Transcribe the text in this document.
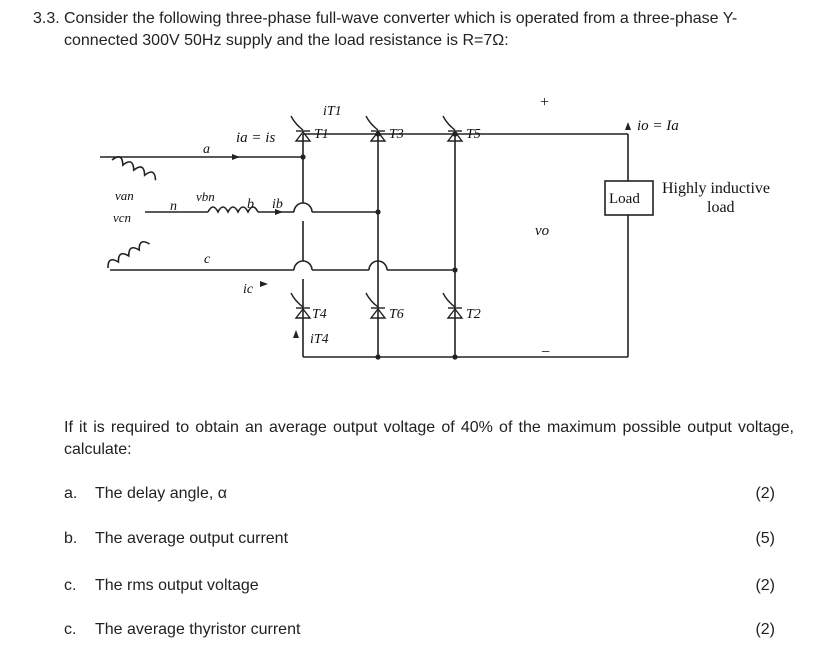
3.3. Consider the following three-phase full-wave converter which is operated from a three-phase Y-connected 300V 50Hz supply and the load resistance is R=7Ω:
a
ia = is
b ib
c
ic
n
van
vcn
vbn
iT1
T1	T3	T5
T4
iT4
T6	T2
+
−
vo
io = Ia
Load
Highly inductive
load
If it is required to obtain an average output voltage of 40% of the maximum possible output voltage, calculate:
a. The delay angle, α	(2)
b. The average output current	(5)
c. The rms output voltage	(2)
c. The average thyristor current	(2)
